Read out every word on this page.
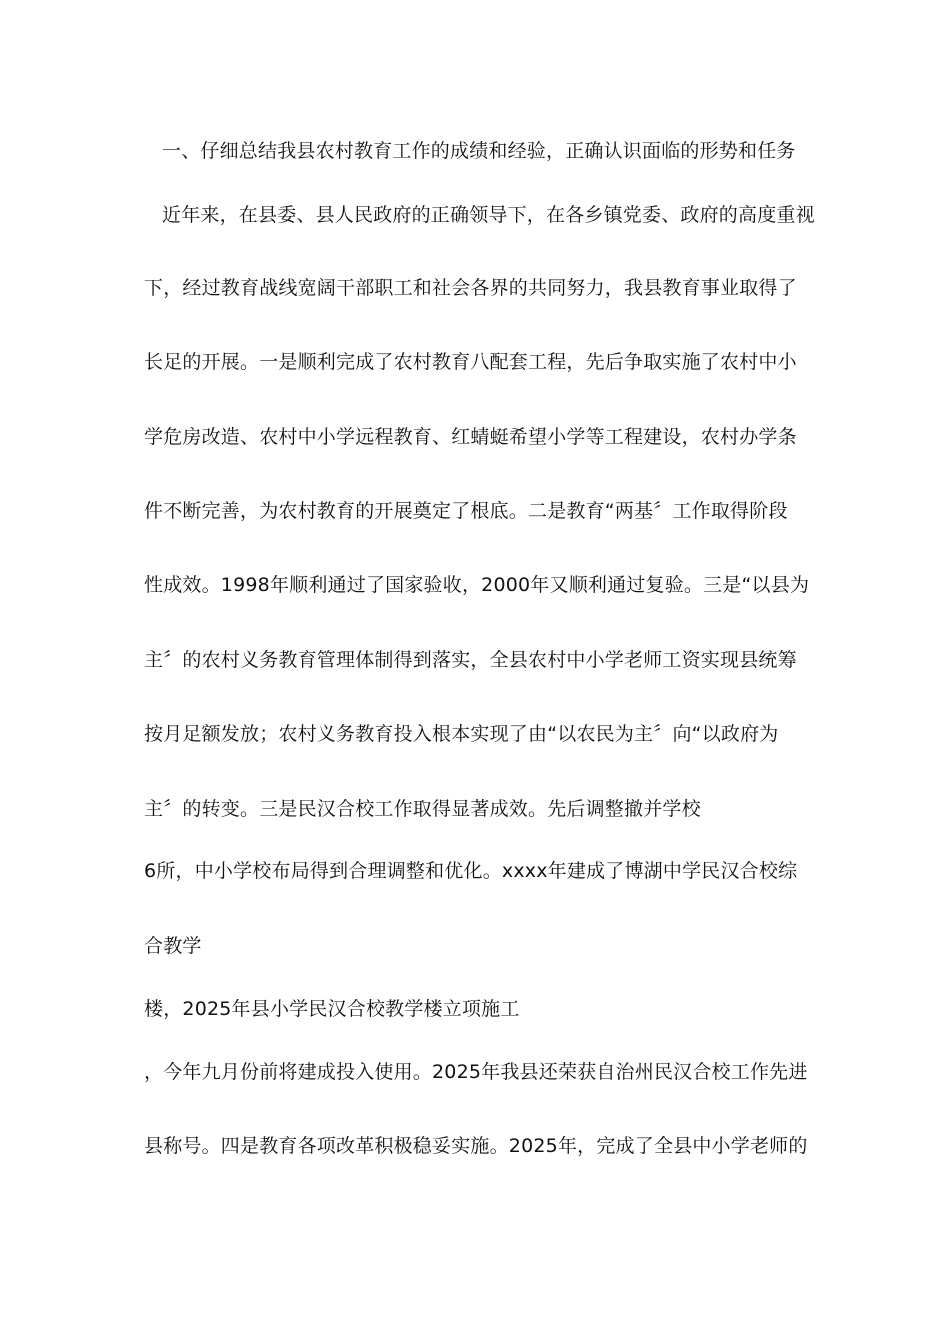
一、仔细总结我县农村教育工作的成绩和经验，正确认识面临的形势和任务
近年来，在县委、县人民政府的正确领导下，在各乡镇党委、政府的高度重视
下，经过教育战线宽阔干部职工和社会各界的共同努力，我县教育事业取得了
长足的开展。一是顺利完成了农村教育八配套工程，先后争取实施了农村中小
学危房改造、农村中小学远程教育、红蜻蜓希望小学等工程建设，农村办学条
件不断完善，为农村教育的开展奠定了根底。二是教育“两基〞工作取得阶段
性成效。1998年顺利通过了国家验收，2000年又顺利通过复验。三是“以县为
主〞的农村义务教育管理体制得到落实，全县农村中小学老师工资实现县统筹
按月足额发放；农村义务教育投入根本实现了由“以农民为主〞向“以政府为
主〞的转变。三是民汉合校工作取得显著成效。先后调整撤并学校
6所，中小学校布局得到合理调整和优化。xxxx年建成了博湖中学民汉合校综
合教学
楼，2025年县小学民汉合校教学楼立项施工
，今年九月份前将建成投入使用。2025年我县还荣获自治州民汉合校工作先进
县称号。四是教育各项改革积极稳妥实施。2025年，完成了全县中小学老师的
